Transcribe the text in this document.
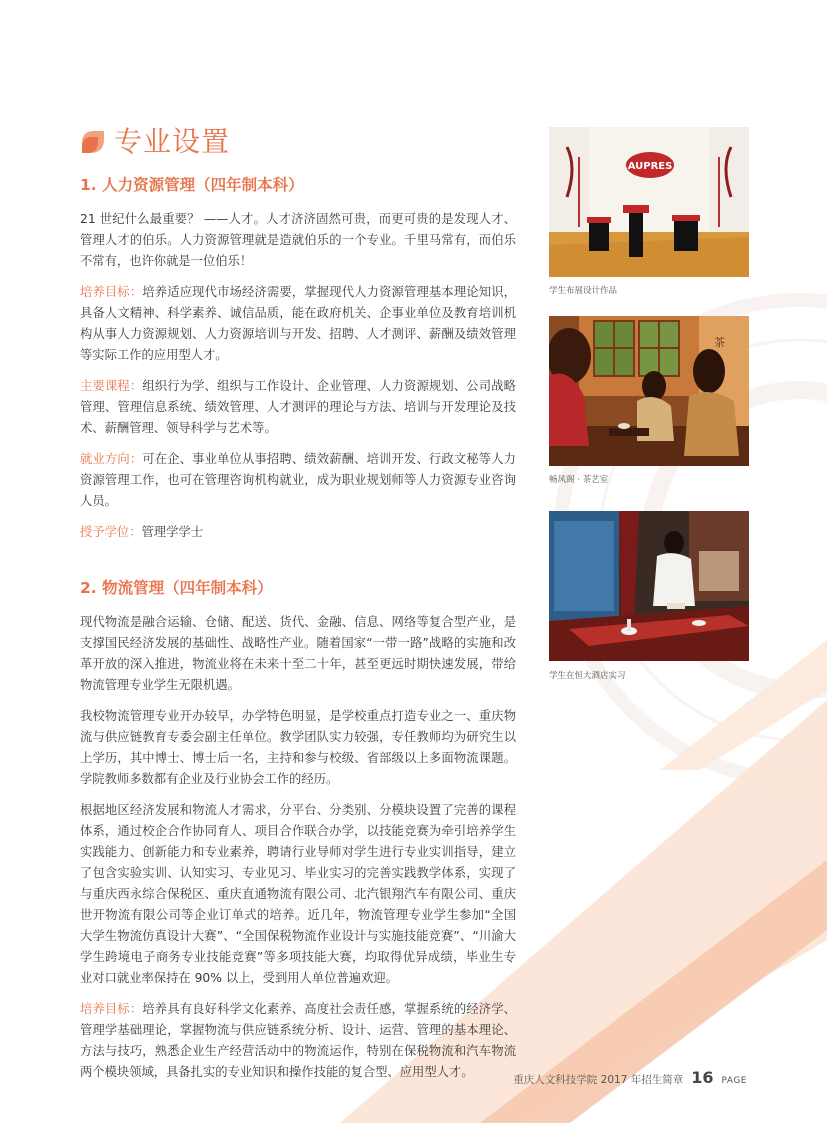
专业设置
1. 人力资源管理（四年制本科）

21 世纪什么最重要？ ——人才。人才济济固然可贵，而更可贵的是发现人才、管理人才的伯乐。人力资源管理就是造就伯乐的一个专业。千里马常有，而伯乐不常有，也许你就是一位伯乐！

培养目标：培养适应现代市场经济需要，掌握现代人力资源管理基本理论知识，具备人文精神、科学素养、诚信品质，能在政府机关、企事业单位及教育培训机构从事人力资源规划、人力资源培训与开发、招聘、人才测评、薪酬及绩效管理等实际工作的应用型人才。

主要课程：组织行为学、组织与工作设计、企业管理、人力资源规划、公司战略管理、管理信息系统、绩效管理、人才测评的理论与方法、培训与开发理论及技术、薪酬管理、领导科学与艺术等。

就业方向：可在企、事业单位从事招聘、绩效薪酬、培训开发、行政文秘等人力资源管理工作，也可在管理咨询机构就业，成为职业规划师等人力资源专业咨询人员。

授予学位：管理学学士

2. 物流管理（四年制本科）

现代物流是融合运输、仓储、配送、货代、金融、信息、网络等复合型产业，是支撑国民经济发展的基础性、战略性产业。随着国家“一带一路”战略的实施和改革开放的深入推进，物流业将在未来十至二十年，甚至更远时期快速发展，带给物流管理专业学生无限机遇。

我校物流管理专业开办较早，办学特色明显，是学校重点打造专业之一、重庆物流与供应链教育专委会副主任单位。教学团队实力较强，专任教师均为研究生以上学历，其中博士、博士后一名，主持和参与校级、省部级以上多面物流课题。学院教师多数都有企业及行业协会工作的经历。

根据地区经济发展和物流人才需求，分平台、分类别、分模块设置了完善的课程体系，通过校企合作协同育人、项目合作联合办学，以技能竞赛为牵引培养学生实践能力、创新能力和专业素养，聘请行业导师对学生进行专业实训指导，建立了包含实验实训、认知实习、专业见习、毕业实习的完善实践教学体系，实现了与重庆西永综合保税区、重庆直通物流有限公司、北汽银翔汽车有限公司、重庆世开物流有限公司等企业订单式的培养。近几年，物流管理专业学生参加“全国大学生物流仿真设计大赛”、“全国保税物流作业设计与实施技能竞赛”、“川渝大学生跨境电子商务专业技能竞赛”等多项技能大赛，均取得优异成绩，毕业生专业对口就业率保持在 90% 以上，受到用人单位普遍欢迎。

培养目标：培养具有良好科学文化素养、高度社会责任感，掌握系统的经济学、管理学基础理论，掌握物流与供应链系统分析、设计、运营、管理的基本理论、方法与技巧，熟悉企业生产经营活动中的物流运作，特别在保税物流和汽车物流两个模块领域，具备扎实的专业知识和操作技能的复合型、应用型人才。

AUPRES
学生布展设计作品
茶
畅风阁 · 茶艺室
学生在恒大酒店实习
重庆人文科技学院 2017 年招生简章 16 PAGE
